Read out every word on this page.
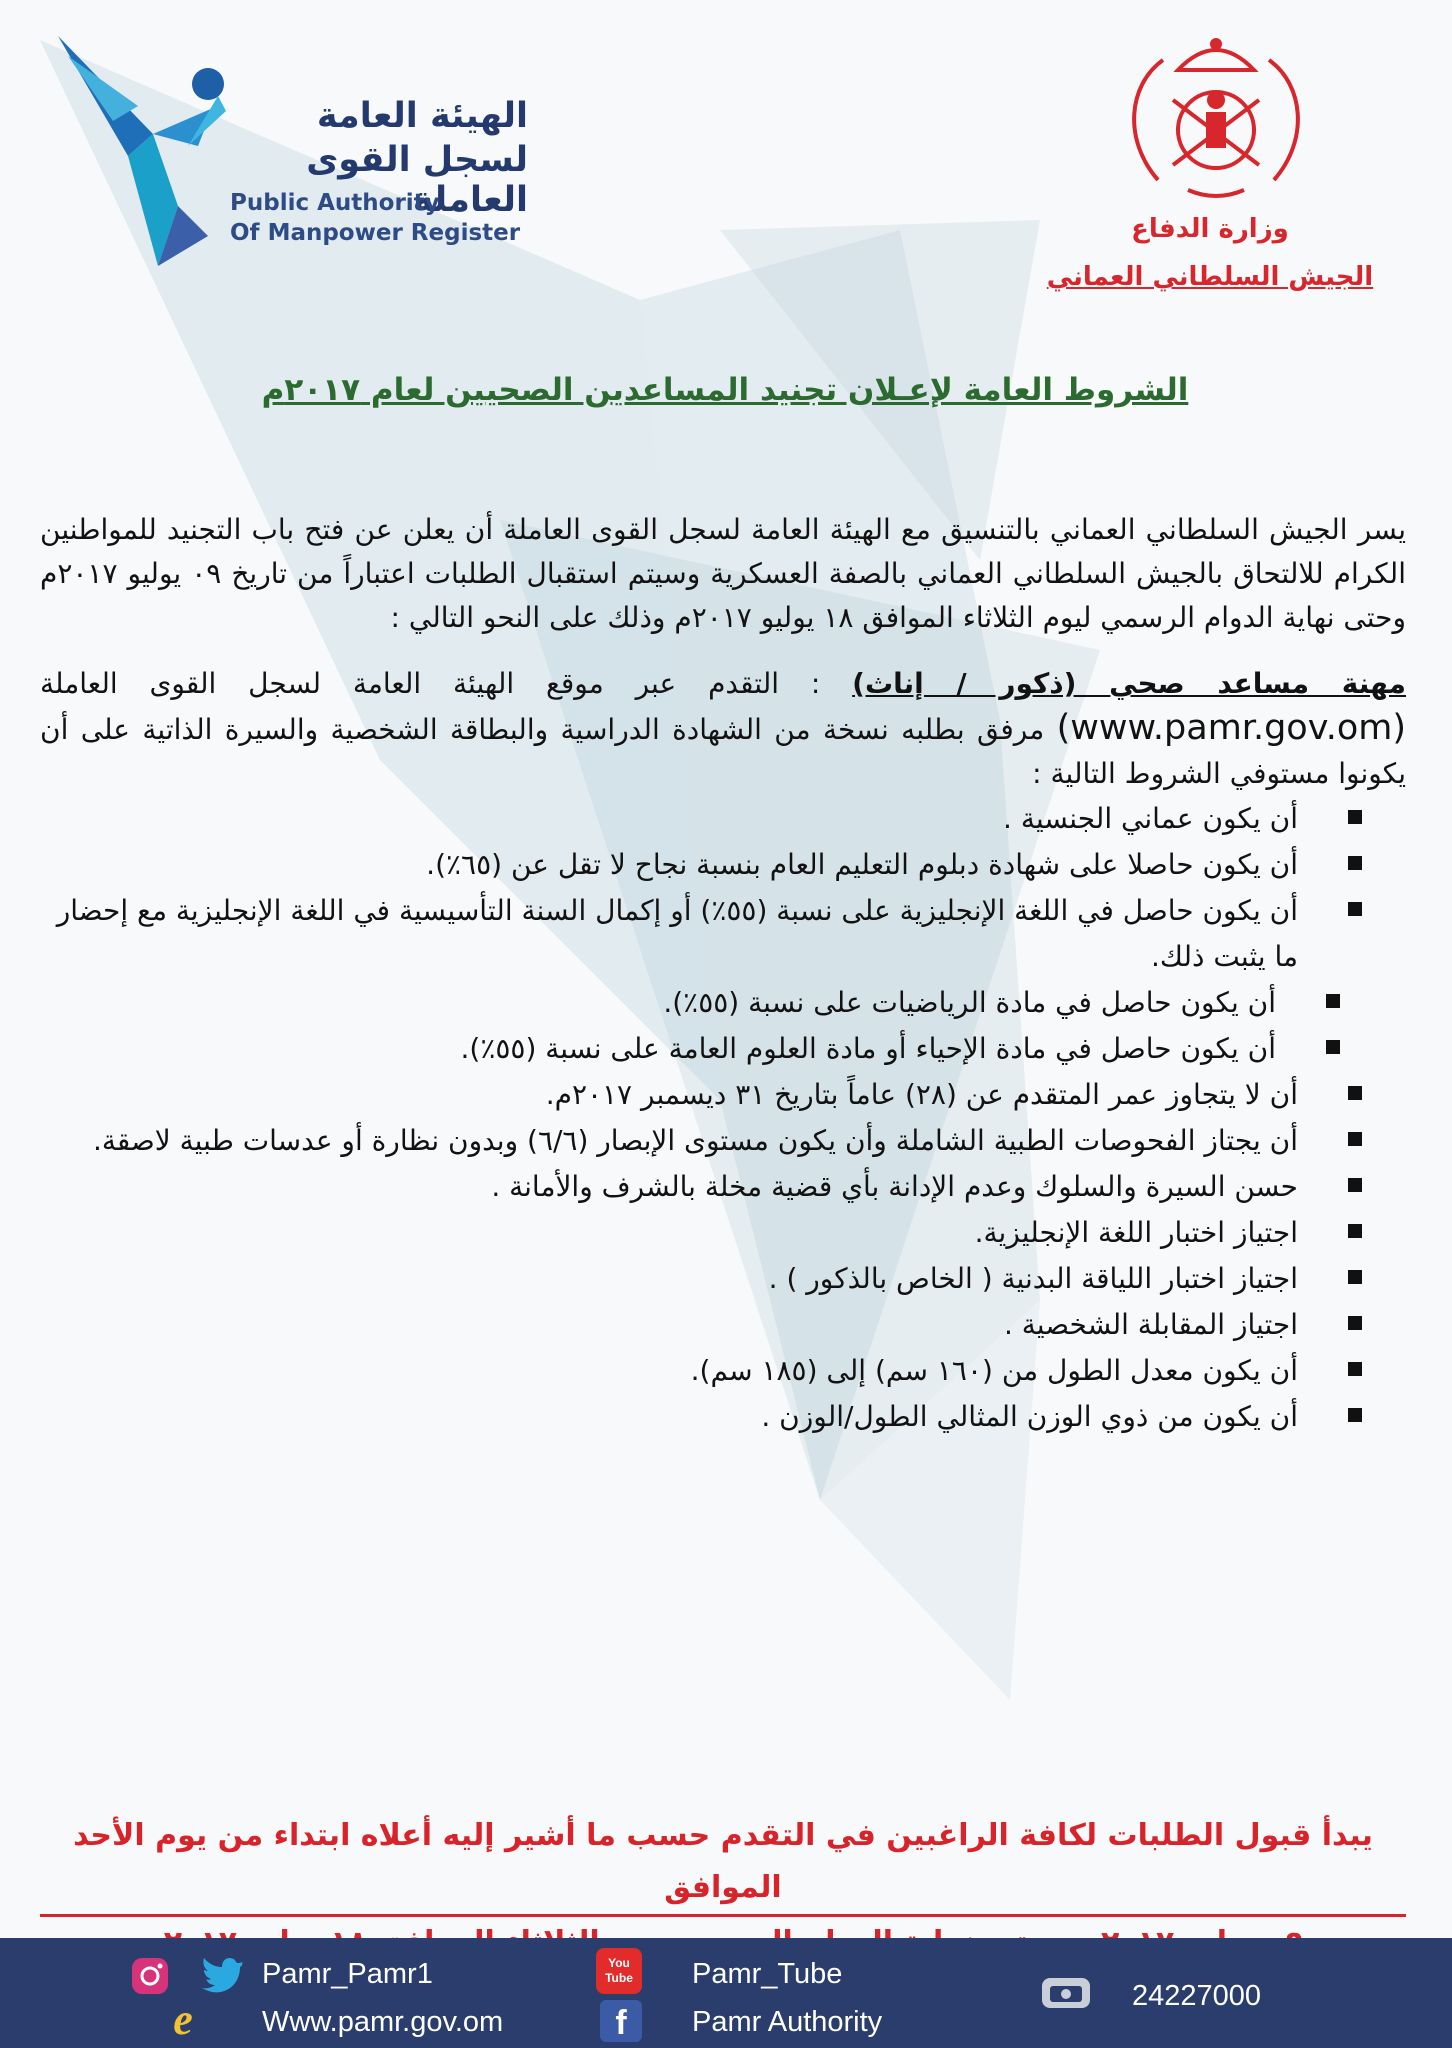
الهيئة العامة
لسجل القوى العاملة
Public Authority
Of Manpower Register	وزارة الدفاع
الجيش السلطاني العماني
الشروط العامة لإعـلان تجنيد المساعدين الصحيين لعام ٢٠١٧م

يسر الجيش السلطاني العماني بالتنسيق مع الهيئة العامة لسجل القوى العاملة أن يعلن عن فتح باب التجنيد للمواطنين الكرام للالتحاق بالجيش السلطاني العماني بالصفة العسكرية وسيتم استقبال الطلبات اعتباراً من تاريخ ٠٩ يوليو ٢٠١٧م وحتى نهاية الدوام الرسمي ليوم الثلاثاء الموافق ١٨ يوليو ٢٠١٧م وذلك على النحو التالي :

مهنة مساعد صحي (ذكور / إناث) : التقدم عبر موقع الهيئة العامة لسجل القوى العاملة (www.pamr.gov.om) مرفق بطلبه نسخة من الشهادة الدراسية والبطاقة الشخصية والسيرة الذاتية على أن يكونوا مستوفي الشروط التالية :

أن يكون عماني الجنسية .
أن يكون حاصلا على شهادة دبلوم التعليم العام بنسبة نجاح لا تقل عن (٦٥٪).
أن يكون حاصل في اللغة الإنجليزية على نسبة (٥٥٪) أو إكمال السنة التأسيسية في اللغة الإنجليزية مع إحضار ما يثبت ذلك.
أن يكون حاصل في مادة الرياضيات على نسبة (٥٥٪).
أن يكون حاصل في مادة الإحياء أو مادة العلوم العامة على نسبة (٥٥٪).
أن لا يتجاوز عمر المتقدم عن (٢٨) عاماً بتاريخ ٣١ ديسمبر ٢٠١٧م.
أن يجتاز الفحوصات الطبية الشاملة وأن يكون مستوى الإبصار (٦/٦) وبدون نظارة أو عدسات طبية لاصقة.
حسن السيرة والسلوك وعدم الإدانة بأي قضية مخلة بالشرف والأمانة .
اجتياز اختبار اللغة الإنجليزية.
اجتياز اختبار اللياقة البدنية ( الخاص بالذكور ) .
اجتياز المقابلة الشخصية .
أن يكون معدل الطول من (١٦٠ سم) إلى (١٨٥ سم).
أن يكون من ذوي الوزن المثالي الطول/الوزن .
يبدأ قبول الطلبات لكافة الراغبين في التقدم حسب ما أشير إليه أعلاه ابتداء من يوم الأحد الموافق

Pamr_Pamr1	You Tube	Pamr_Tube
e	Www.pamr.gov.om	f	Pamr Authority
24227000
